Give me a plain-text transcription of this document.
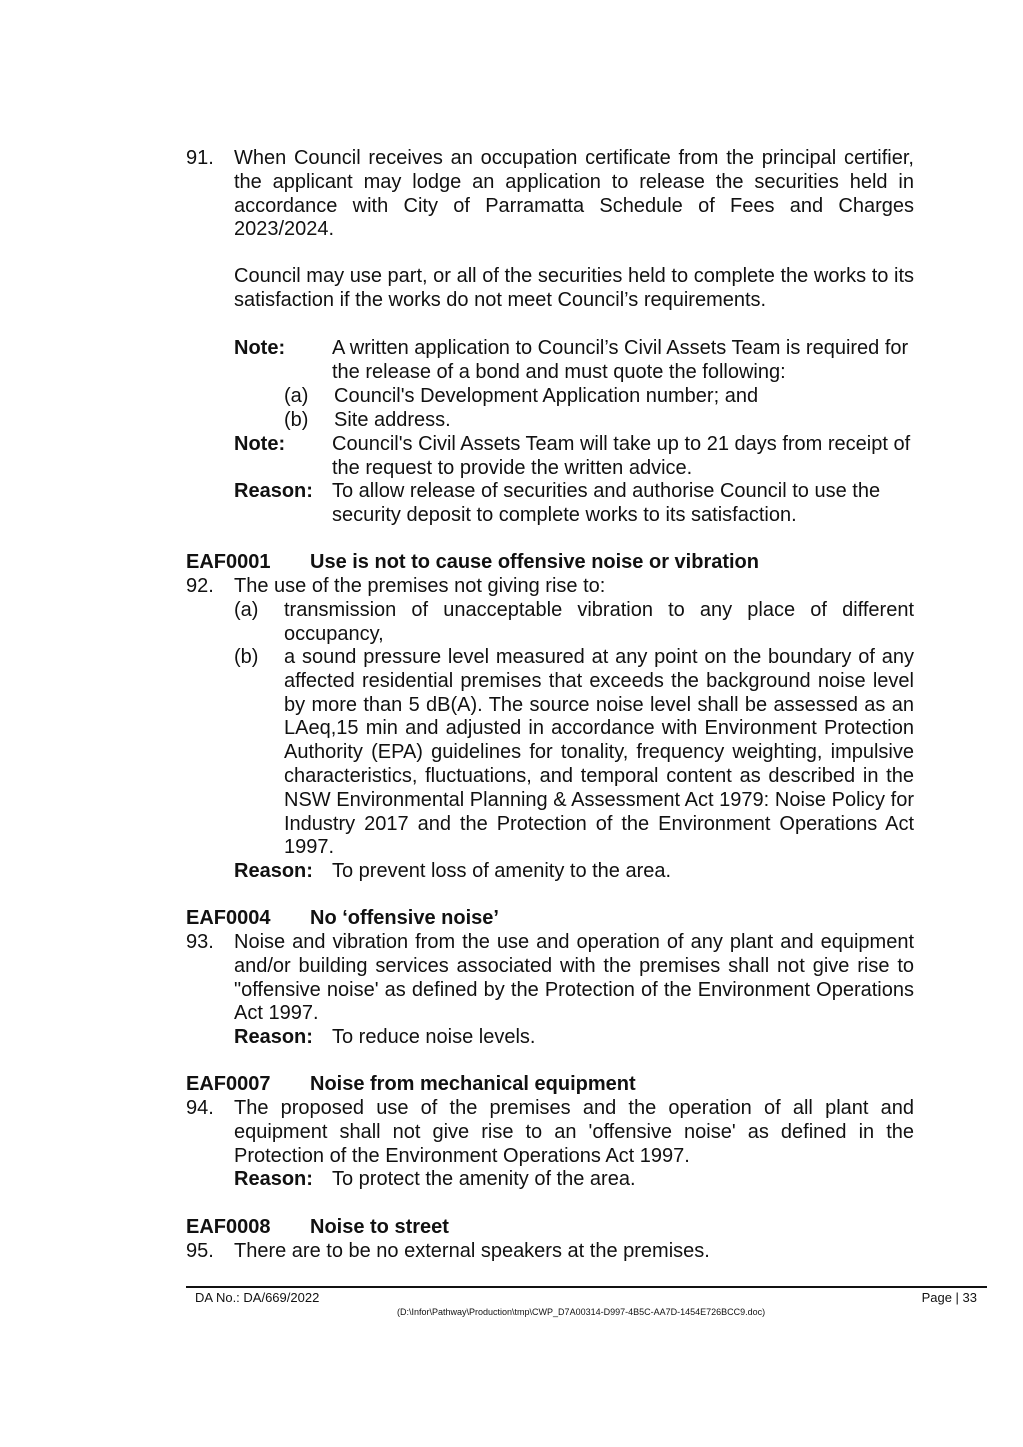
91.	When Council receives an occupation certificate from the principal certifier, the applicant may lodge an application to release the securities held in accordance with City of Parramatta Schedule of Fees and Charges 2023/2024.
Council may use part, or all of the securities held to complete the works to its satisfaction if the works do not meet Council’s requirements.
Note:	A written application to Council’s Civil Assets Team is required for the release of a bond and must quote the following:
(a)	Council's Development Application number; and
(b)	Site address.
Note:	Council's Civil Assets Team will take up to 21 days from receipt of the request to provide the written advice.
Reason: To allow release of securities and authorise Council to use the security deposit to complete works to its satisfaction.
EAF0001 Use is not to cause offensive noise or vibration
92.	The use of the premises not giving rise to:
(a)	transmission of unacceptable vibration to any place of different occupancy,
(b)	a sound pressure level measured at any point on the boundary of any affected residential premises that exceeds the background noise level by more than 5 dB(A). The source noise level shall be assessed as an LAeq,15 min and adjusted in accordance with Environment Protection Authority (EPA) guidelines for tonality, frequency weighting, impulsive characteristics, fluctuations, and temporal content as described in the NSW Environmental Planning & Assessment Act 1979: Noise Policy for Industry 2017 and the Protection of the Environment Operations Act 1997.
Reason: To prevent loss of amenity to the area.
EAF0004 No ‘offensive noise’
93.	Noise and vibration from the use and operation of any plant and equipment and/or building services associated with the premises shall not give rise to "offensive noise' as defined by the Protection of the Environment Operations Act 1997.
Reason: To reduce noise levels.
EAF0007 Noise from mechanical equipment
94.	The proposed use of the premises and the operation of all plant and equipment shall not give rise to an 'offensive noise' as defined in the Protection of the Environment Operations Act 1997.
Reason: To protect the amenity of the area.
EAF0008 Noise to street
95.	There are to be no external speakers at the premises.
DA No.: DA/669/2022	Page | 33
(D:\Infor\Pathway\Production\tmp\CWP_D7A00314-D997-4B5C-AA7D-1454E726BCC9.doc)
